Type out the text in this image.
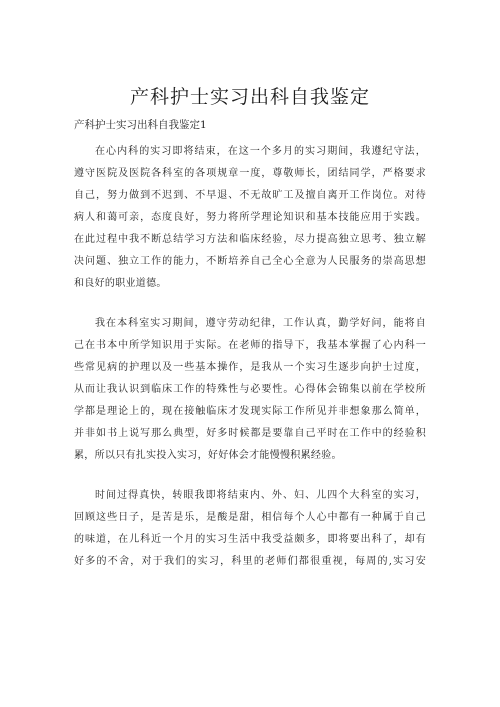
产科护士实习出科自我鉴定
产科护士实习出科自我鉴定1

在心内科的实习即将结束，在这一个多月的实习期间，我遵纪守法，
遵守医院及医院各科室的各项规章一度，尊敬师长，团结同学，严格要求
自己，努力做到不迟到、不早退、不无故旷工及擅自离开工作岗位。对待
病人和蔼可亲，态度良好，努力将所学理论知识和基本技能应用于实践。
在此过程中我不断总结学习方法和临床经验，尽力提高独立思考、独立解
决问题、独立工作的能力，不断培养自己全心全意为人民服务的崇高思想
和良好的职业道德。

我在本科室实习期间，遵守劳动纪律，工作认真，勤学好问，能将自
己在书本中所学知识用于实际。在老师的指导下，我基本掌握了心内科一
些常见病的护理以及一些基本操作，是我从一个实习生逐步向护士过度，
从而让我认识到临床工作的特殊性与必要性。心得体会锦集以前在学校所
学都是理论上的，现在接触临床才发现实际工作所见并非想象那么简单，
并非如书上说写那么典型，好多时候都是要靠自己平时在工作中的经验积
累，所以只有扎实投入实习，好好体会才能慢慢积累经验。

时间过得真快，转眼我即将结束内、外、妇、儿四个大科室的实习，
回顾这些日子，是苦是乐，是酸是甜，相信每个人心中都有一种属于自己
的味道，在儿科近一个月的实习生活中我受益颇多，即将要出科了，却有
好多的不舍，对于我们的实习，科里的老师们都很重视，每周的,实习安
